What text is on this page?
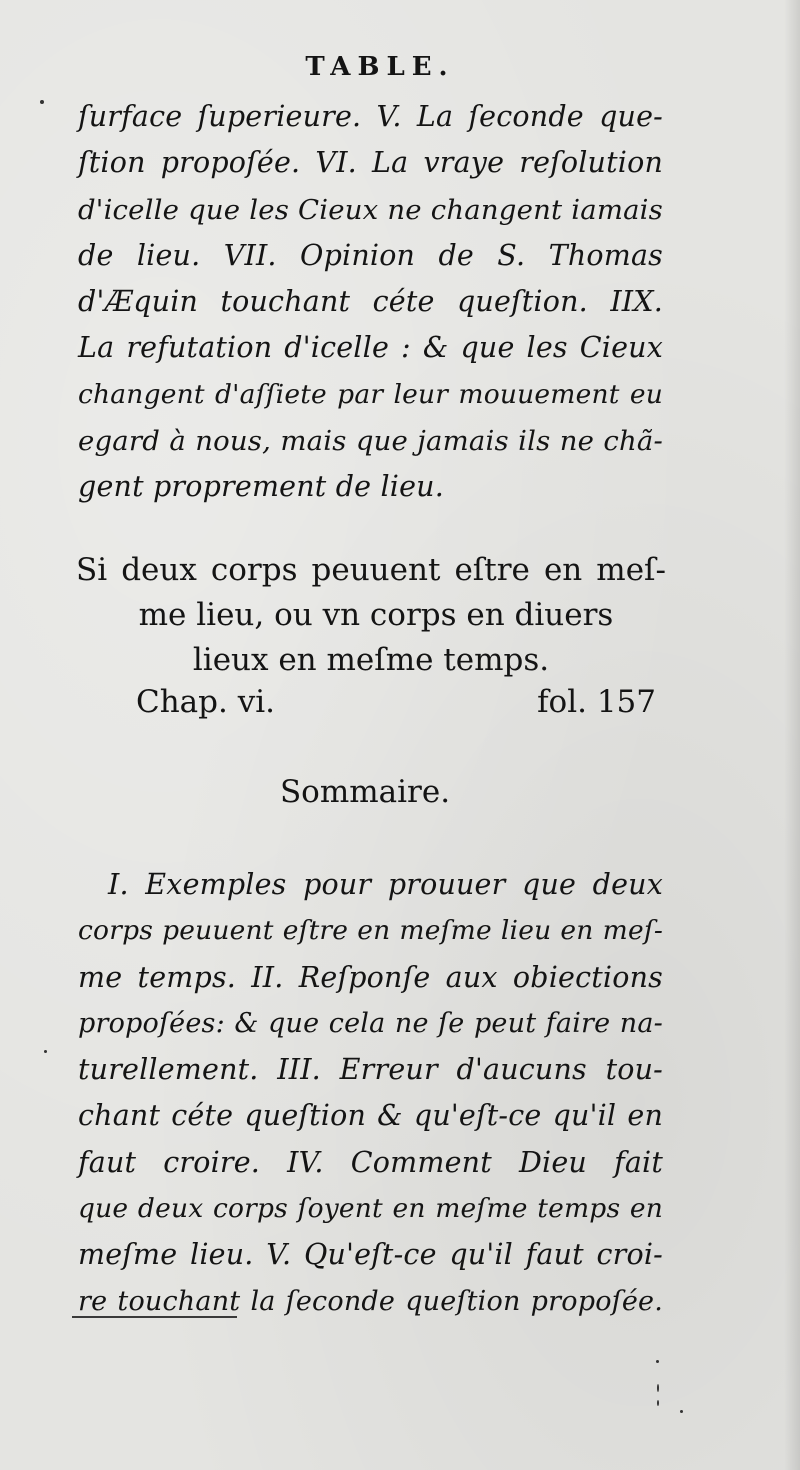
TABLE.
ſurface ſuperieure. V. La ſeconde que-
ſtion propoſée. VI. La vraye reſolution
d'icelle que les Cieux ne changent iamais
de lieu. VII. Opinion de S. Thomas
d'Æquin touchant céte queſtion. IIX.
La refutation d'icelle : & que les Cieux
changent d'aſſiete par leur mouuement eu
egard à nous, mais que jamais ils ne chã-
gent proprement de lieu.
Si deux corps peuuent eſtre en meſ-
me lieu, ou vn corps en diuers
lieux en meſme temps.
Chap. vi.	fol. 157
Sommaire.
I. Exemples pour prouuer que deux
corps peuuent eſtre en meſme lieu en meſ-
me temps. II. Reſponſe aux obiections
propoſées: & que cela ne ſe peut faire na-
turellement. III. Erreur d'aucuns tou-
chant céte queſtion & qu'eſt-ce qu'il en
faut croire. IV. Comment Dieu fait
que deux corps ſoyent en meſme temps en
meſme lieu. V. Qu'eſt-ce qu'il faut croi-
re touchant la ſeconde queſtion propoſée.
